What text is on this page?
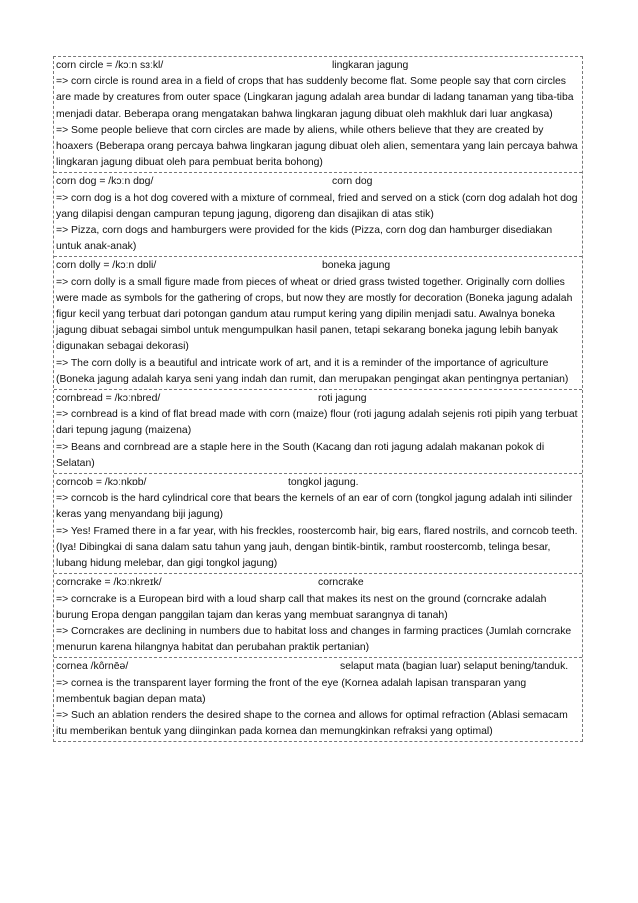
corn circle = /kɔːn sɜːkl/	lingkaran jagung
=> corn circle is round area in a field of crops that has suddenly become flat. Some people say that corn circles are made by creatures from outer space (Lingkaran jagung adalah area bundar di ladang tanaman yang tiba-tiba menjadi datar. Beberapa orang mengatakan bahwa lingkaran jagung dibuat oleh makhluk dari luar angkasa)
=> Some people believe that corn circles are made by aliens, while others believe that they are created by hoaxers (Beberapa orang percaya bahwa lingkaran jagung dibuat oleh alien, sementara yang lain percaya bahwa lingkaran jagung dibuat oleh para pembuat berita bohong)
corn dog = /kɔːn dɒg/	corn dog
=> corn dog is a hot dog covered with a mixture of cornmeal, fried and served on a stick (corn dog adalah hot dog yang dilapisi dengan campuran tepung jagung, digoreng dan disajikan di atas stik)
=> Pizza, corn dogs and hamburgers were provided for the kids (Pizza, corn dog dan hamburger disediakan untuk anak-anak)
corn dolly = /kɔːn dɒli/	boneka jagung
=> corn dolly is a small figure made from pieces of wheat or dried grass twisted together. Originally corn dollies were made as symbols for the gathering of crops, but now they are mostly for decoration (Boneka jagung adalah figur kecil yang terbuat dari potongan gandum atau rumput kering yang dipilin menjadi satu. Awalnya boneka jagung dibuat sebagai simbol untuk mengumpulkan hasil panen, tetapi sekarang boneka jagung lebih banyak digunakan sebagai dekorasi)
=> The corn dolly is a beautiful and intricate work of art, and it is a reminder of the importance of agriculture (Boneka jagung adalah karya seni yang indah dan rumit, dan merupakan pengingat akan pentingnya pertanian)
cornbread = /kɔːnbred/	roti jagung
=> cornbread is a kind of flat bread made with corn (maize) flour (roti jagung adalah sejenis roti pipih yang terbuat dari tepung jagung (maizena)
=> Beans and cornbread are a staple here in the South (Kacang dan roti jagung adalah makanan pokok di Selatan)
corncob = /kɔːnkɒb/	tongkol jagung.
=> corncob is the hard cylindrical core that bears the kernels of an ear of corn (tongkol jagung adalah inti silinder keras yang menyandang biji jagung)
=> Yes! Framed there in a far year, with his freckles, roostercomb hair, big ears, flared nostrils, and corncob teeth. (Iya! Dibingkai di sana dalam satu tahun yang jauh, dengan bintik-bintik, rambut roostercomb, telinga besar, lubang hidung melebar, dan gigi tongkol jagung)
corncrake = /kɔːnkreɪk/	corncrake
=> corncrake is a European bird with a loud sharp call that makes its nest on the ground (corncrake adalah burung Eropa dengan panggilan tajam dan keras yang membuat sarangnya di tanah)
=> Corncrakes are declining in numbers due to habitat loss and changes in farming practices (Jumlah corncrake menurun karena hilangnya habitat dan perubahan praktik pertanian)
cornea /kôrnēə/	selaput mata (bagian luar) selaput bening/tanduk.
=> cornea is the transparent layer forming the front of the eye (Kornea adalah lapisan transparan yang membentuk bagian depan mata)
=> Such an ablation renders the desired shape to the cornea and allows for optimal refraction (Ablasi semacam itu memberikan bentuk yang diinginkan pada kornea dan memungkinkan refraksi yang optimal)
